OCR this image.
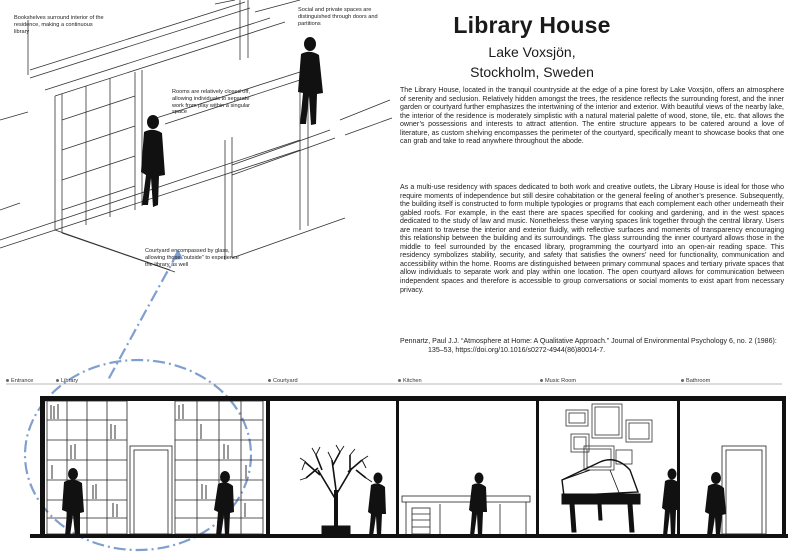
Bookshelves surround interior of the residence, making a continuous library
Social and private spaces are distinguished through doors and partitions
Rooms are relatively closed off, allowing individuals to separate work from play within a singular space
Courtyard encompassed by glass, allowing those “outside” to experience the library as well
Library House
Lake Voxsjön,
Stockholm, Sweden
The Library House, located in the tranquil countryside at the edge of a pine forest by Lake Voxsjön, offers an atmosphere of serenity and seclusion. Relatively hidden amongst the trees, the residence reflects the surrounding forest, and the inner garden or courtyard further emphasizes the intertwining of the interior and exterior. With beautiful views of the nearby lake, the interior of the residence is moderately simplistic with a natural material palette of wood, stone, tile, etc. that allows the owner’s possessions and interests to attract attention. The entire structure appears to be catered around a love of literature, as custom shelving encompasses the perimeter of the courtyard, specifically meant to showcase books that one can grab and take to read anywhere throughout the abode.
As a multi-use residency with spaces dedicated to both work and creative outlets, the Library House is ideal for those who require moments of independence but still desire cohabitation or the general feeling of another’s presence. Subsequently, the building itself is constructed to form multiple typologies or programs that each complement each other underneath their gabled roofs. For example, in the east there are spaces specified for cooking and gardening, and in the west spaces dedicated to the study of law and music. Nonetheless these varying spaces link together through the central library. Users are meant to traverse the interior and exterior fluidly, with reflective surfaces and moments of transparency encouraging this relationship between the building and its surroundings. The glass surrounding the inner courtyard allows those in the middle to feel surrounded by the encased library, programming the courtyard into an open-air reading space. This residency symbolizes stability, security, and safety that satisfies the owners’ need for functionality, communication and accessibility within the home. Rooms are distinguished between primary communal spaces and tertiary private spaces that allow individuals to separate work and play within one location. The open courtyard allows for communication between independent spaces and therefore is accessible to group conversations or social moments to exist apart from necessary privacy.
Pennartz, Paul J.J. “Atmosphere at Home: A Qualitative Approach.” Journal of Environmental Psychology 6, no. 2 (1986): 135–53, https://doi.org/10.1016/s0272-4944(86)80014-7.
Entrance	Library	Courtyard	Kitchen	Music Room	Bathroom
